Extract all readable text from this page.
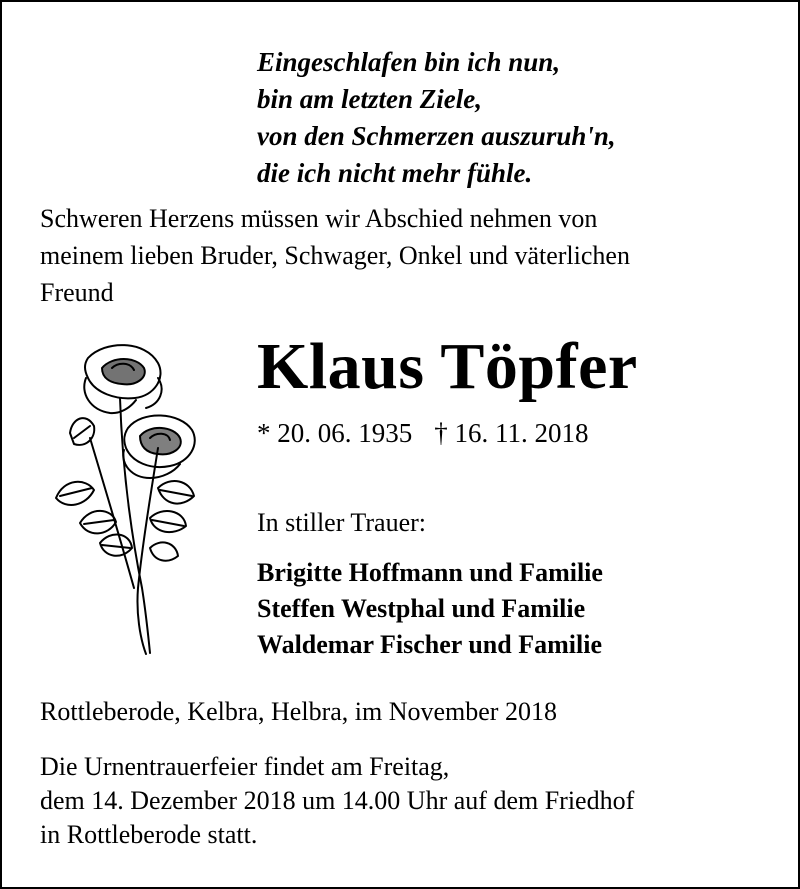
Eingeschlafen bin ich nun,
bin am letzten Ziele,
von den Schmerzen auszuruh'n,
die ich nicht mehr fühle.
Schweren Herzens müssen wir Abschied nehmen von
meinem lieben Bruder, Schwager, Onkel und väterlichen
Freund
Klaus Töpfer
* 20. 06. 1935 † 16. 11. 2018
In stiller Trauer:
Brigitte Hoffmann und Familie
Steffen Westphal und Familie
Waldemar Fischer und Familie
Rottleberode, Kelbra, Helbra, im November 2018
Die Urnentrauerfeier findet am Freitag,
dem 14. Dezember 2018 um 14.00 Uhr auf dem Friedhof
in Rottleberode statt.
